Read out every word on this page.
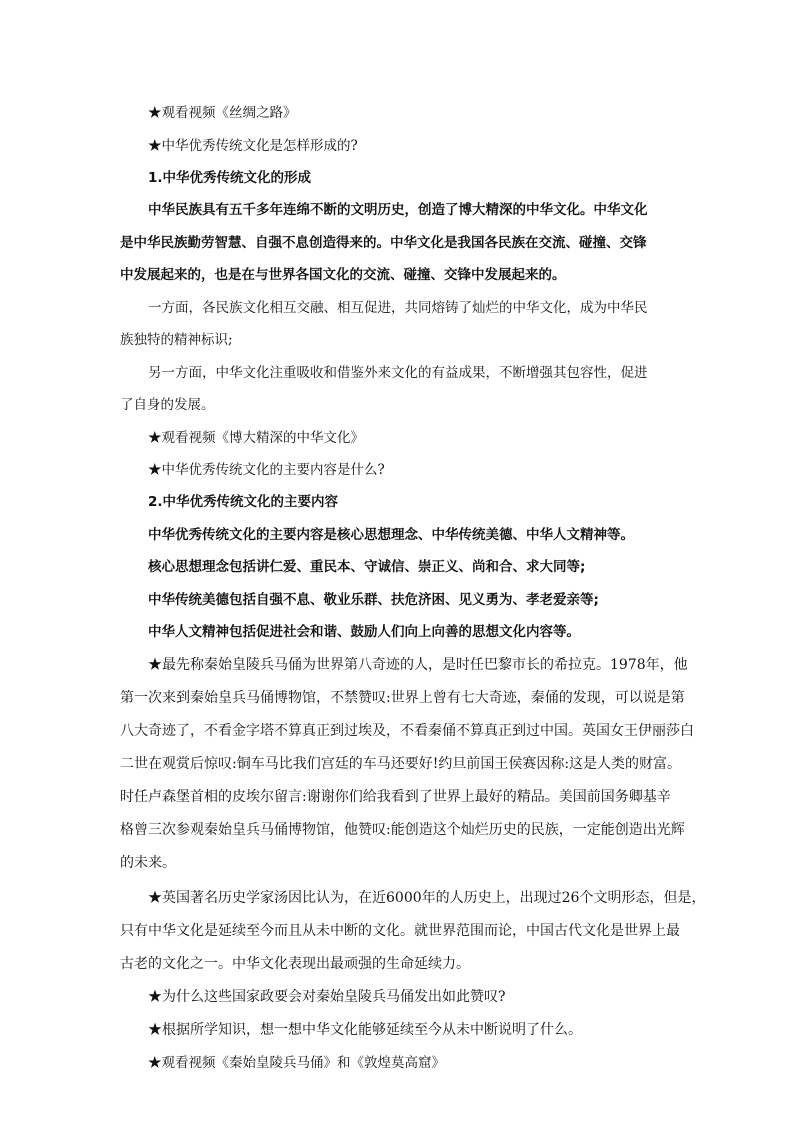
★观看视频《丝绸之路》
★中华优秀传统文化是怎样形成的?
1.中华优秀传统文化的形成
中华民族具有五千多年连绵不断的文明历史，创造了博大精深的中华文化。中华文化
是中华民族勤劳智慧、自强不息创造得来的。中华文化是我国各民族在交流、碰撞、交锋
中发展起来的，也是在与世界各国文化的交流、碰撞、交锋中发展起来的。
一方面，各民族文化相互交融、相互促进，共同熔铸了灿烂的中华文化，成为中华民
族独特的精神标识;
另一方面，中华文化注重吸收和借鉴外来文化的有益成果，不断增强其包容性，促进
了自身的发展。
★观看视频《博大精深的中华文化》
★中华优秀传统文化的主要内容是什么?
2.中华优秀传统文化的主要内容
中华优秀传统文化的主要内容是核心思想理念、中华传统美德、中华人文精神等。
核心思想理念包括讲仁爱、重民本、守诚信、崇正义、尚和合、求大同等;
中华传统美德包括自强不息、敬业乐群、扶危济困、见义勇为、孝老爱亲等;
中华人文精神包括促进社会和谐、鼓励人们向上向善的思想文化内容等。
★最先称秦始皇陵兵马俑为世界第八奇迹的人，是时任巴黎市长的希拉克。1978年，他
第一次来到秦始皇兵马俑博物馆，不禁赞叹:世界上曾有七大奇迹，秦俑的发现，可以说是第
八大奇迹了，不看金字塔不算真正到过埃及，不看秦俑不算真正到过中国。英国女王伊丽莎白
二世在观赏后惊叹:铜车马比我们宫廷的车马还要好!约旦前国王侯赛因称:这是人类的财富。
时任卢森堡首相的皮埃尔留言:谢谢你们给我看到了世界上最好的精品。美国前国务卿基辛
格曾三次参观秦始皇兵马俑博物馆，他赞叹:能创造这个灿烂历史的民族，一定能创造出光辉
的未来。
★英国著名历史学家汤因比认为，在近6000年的人历史上，出现过26个文明形态，但是，
只有中华文化是延续至今而且从未中断的文化。就世界范围而论，中国古代文化是世界上最
古老的文化之一。中华文化表现出最顽强的生命延续力。
★为什么这些国家政要会对秦始皇陵兵马俑发出如此赞叹?
★根据所学知识，想一想中华文化能够延续至今从未中断说明了什么。
★观看视频《秦始皇陵兵马俑》和《敦煌莫高窟》
